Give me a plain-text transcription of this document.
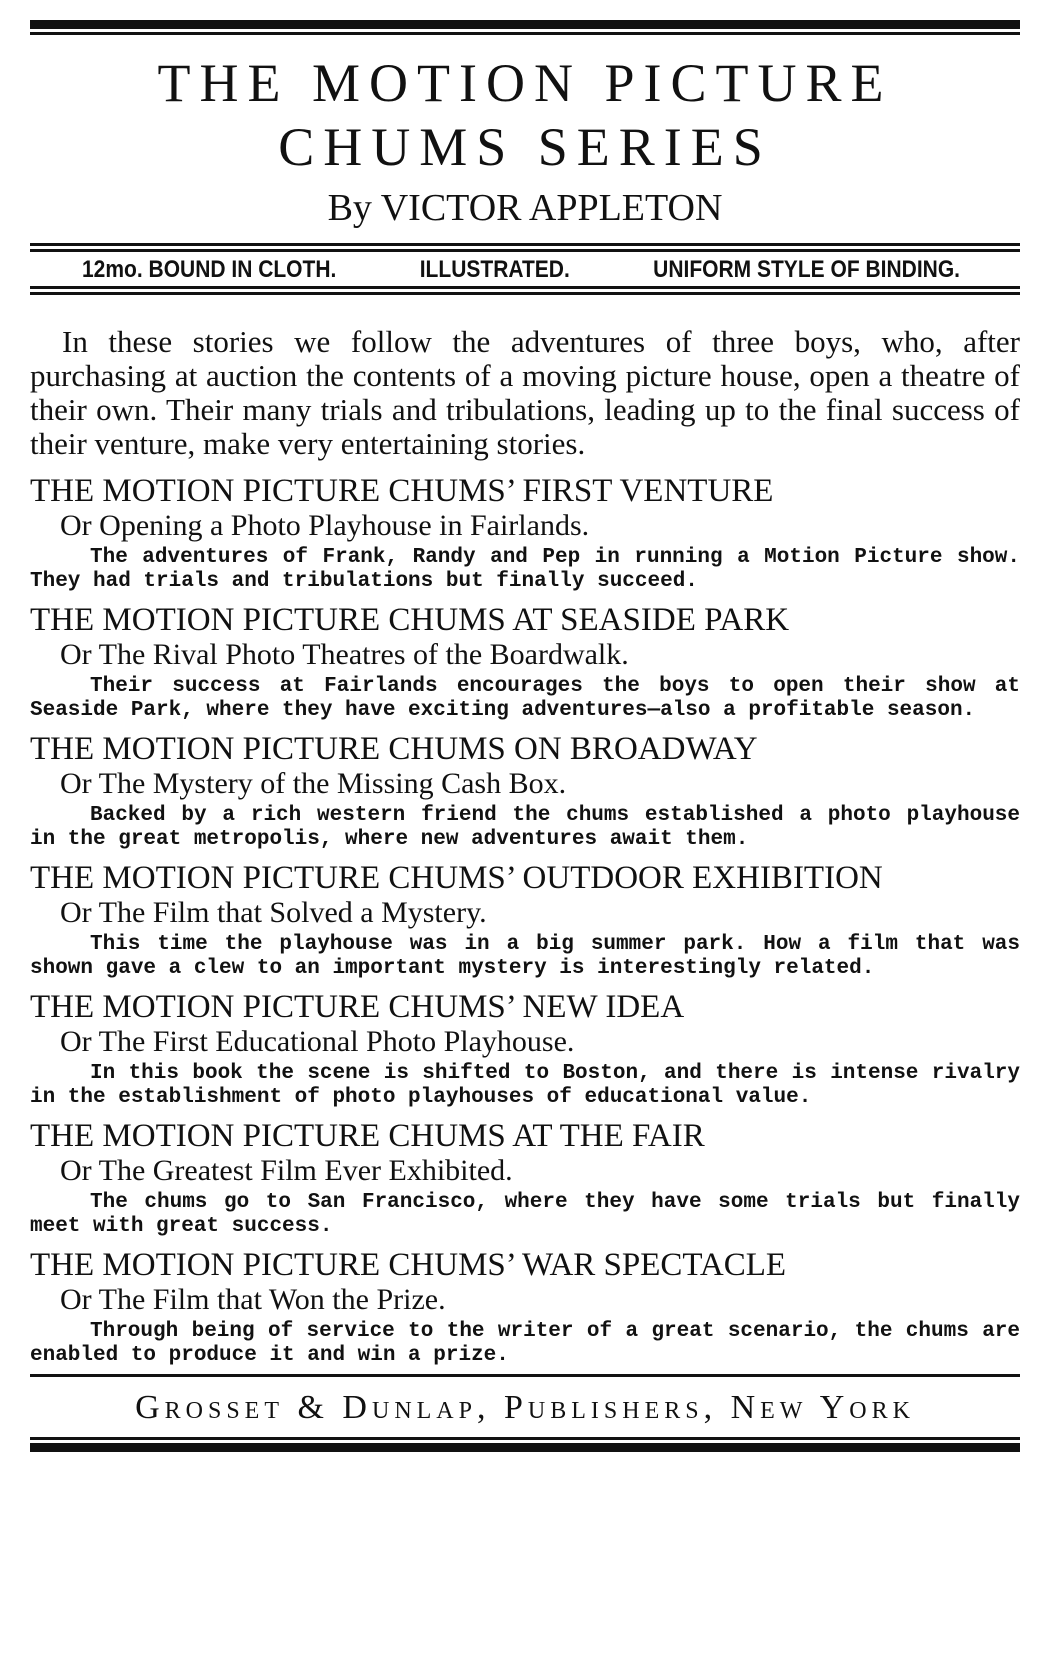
THE MOTION PICTURE
CHUMS SERIES
By VICTOR APPLETON
12mo. BOUND IN CLOTH.	ILLUSTRATED.	UNIFORM STYLE OF BINDING.

In these stories we follow the adventures of three boys, who, after purchasing at auction the contents of a moving picture house, open a theatre of their own. Their many trials and tribulations, leading up to the final success of their venture, make very entertaining stories.

THE MOTION PICTURE CHUMS’ FIRST VENTURE
Or Opening a Photo Playhouse in Fairlands.
The adventures of Frank, Randy and Pep in running a Motion Picture show. They had trials and tribulations but finally succeed.
THE MOTION PICTURE CHUMS AT SEASIDE PARK
Or The Rival Photo Theatres of the Boardwalk.
Their success at Fairlands encourages the boys to open their show at Seaside Park, where they have exciting adventures—also a profitable season.
THE MOTION PICTURE CHUMS ON BROADWAY
Or The Mystery of the Missing Cash Box.
Backed by a rich western friend the chums established a photo playhouse in the great metropolis, where new adventures await them.
THE MOTION PICTURE CHUMS’ OUTDOOR EXHIBITION
Or The Film that Solved a Mystery.
This time the playhouse was in a big summer park. How a film that was shown gave a clew to an important mystery is interestingly related.
THE MOTION PICTURE CHUMS’ NEW IDEA
Or The First Educational Photo Playhouse.
In this book the scene is shifted to Boston, and there is intense rivalry in the establishment of photo playhouses of educational value.
THE MOTION PICTURE CHUMS AT THE FAIR
Or The Greatest Film Ever Exhibited.
The chums go to San Francisco, where they have some trials but finally meet with great success.
THE MOTION PICTURE CHUMS’ WAR SPECTACLE
Or The Film that Won the Prize.
Through being of service to the writer of a great scenario, the chums are enabled to produce it and win a prize.
Grosset & Dunlap, Publishers, New York
